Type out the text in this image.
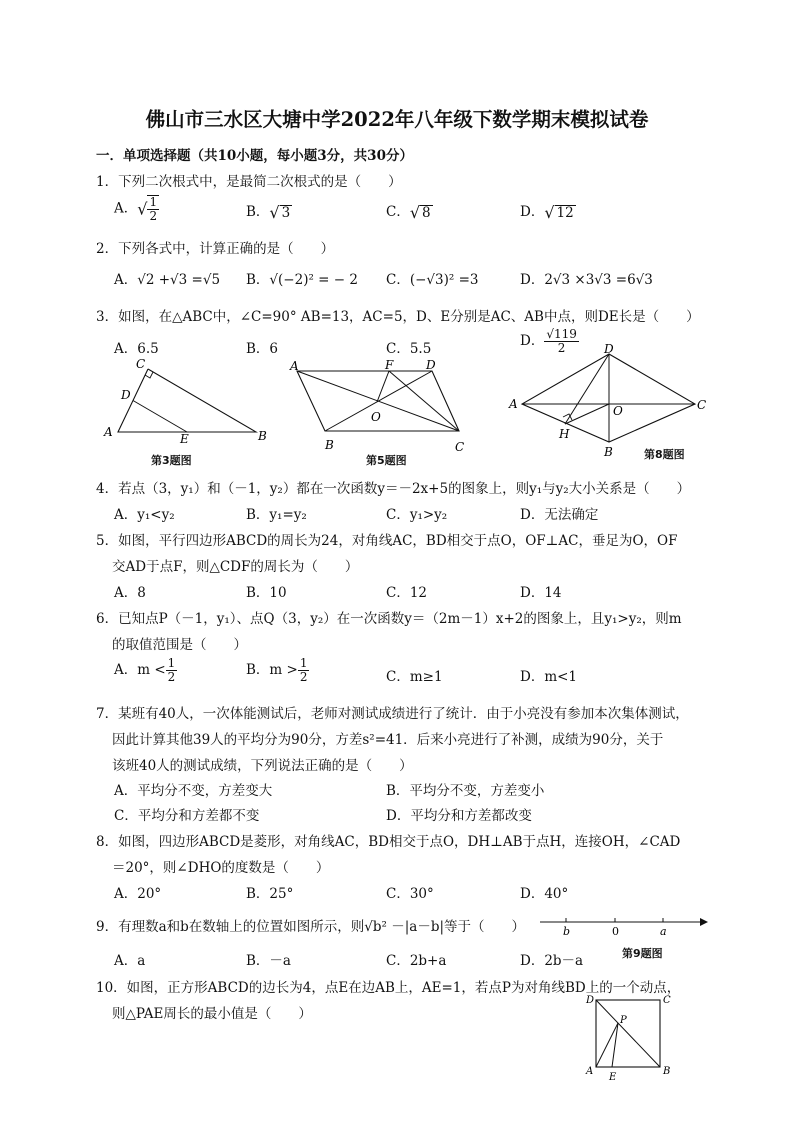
佛山市三水区大塘中学2022年八年级下数学期末模拟试卷
一．单项选择题（共10小题，每小题3分，共30分）
1．下列二次根式中，是最简二次根式的是（　　）
A．√ $\frac{1}{2}$	B．√ 3	C．√ 8	D．√ 12
2．下列各式中，计算正确的是（　　）
A．√2 +√3 =√5 B．√(−2)² = − 2 C．(−√3)² =3	D．2√3 ×3√3 =6√3
3．如图，在△ABC中，∠C=90° AB=13，AC=5，D、E分别是AC、AB中点，则DE长是（　　）
A．6.5	B．6	C．5.5	D． $\frac{√119}{2}$
C
D
A	E	B
第3题图
A	F	D
O
B	C
第5题图
D
A	O	C
H
B	第8题图
4．若点（3，y₁）和（－1，y₂）都在一次函数y＝－2x+5的图象上，则y₁与y₂大小关系是（　　）
A．y₁<y₂	B．y₁=y₂	C．y₁>y₂	D．无法确定
5．如图，平行四边形ABCD的周长为24，对角线AC，BD相交于点O，OF⊥AC，垂足为O，OF
交AD于点F，则△CDF的周长为（　　）
A．8	B．10	C．12	D．14
6．已知点P（－1，y₁）、点Q（3，y₂）在一次函数y＝（2m－1）x+2的图象上，且y₁>y₂，则m
的取值范围是（　　）
A．$m < \frac{1}{2}$	B．$m > \frac{1}{2}$	C．m≥1	D．m<1
7．某班有40人，一次体能测试后，老师对测试成绩进行了统计．由于小亮没有参加本次集体测试，
因此计算其他39人的平均分为90分，方差s²=41．后来小亮进行了补测，成绩为90分，关于
该班40人的测试成绩，下列说法正确的是（　　）
A．平均分不变，方差变大	B．平均分不变，方差变小
C．平均分和方差都不变	D．平均分和方差都改变
8．如图，四边形ABCD是菱形，对角线AC，BD相交于点O，DH⊥AB于点H，连接OH，∠CAD
＝20°，则∠DHO的度数是（　　）
A．20°	B．25°	C．30°	D．40°
9．有理数a和b在数轴上的位置如图所示，则√b² －|a－b|等于（　　）	b	0	a
第9题图
A．a	B．－a	C．2b+a	D．2b－a
10．如图，正方形ABCD的边长为4，点E在边AB上，AE=1，若点P为对角线BD上的一个动点，
则△PAE周长的最小值是（　　）
D	C
P
A
E
B
